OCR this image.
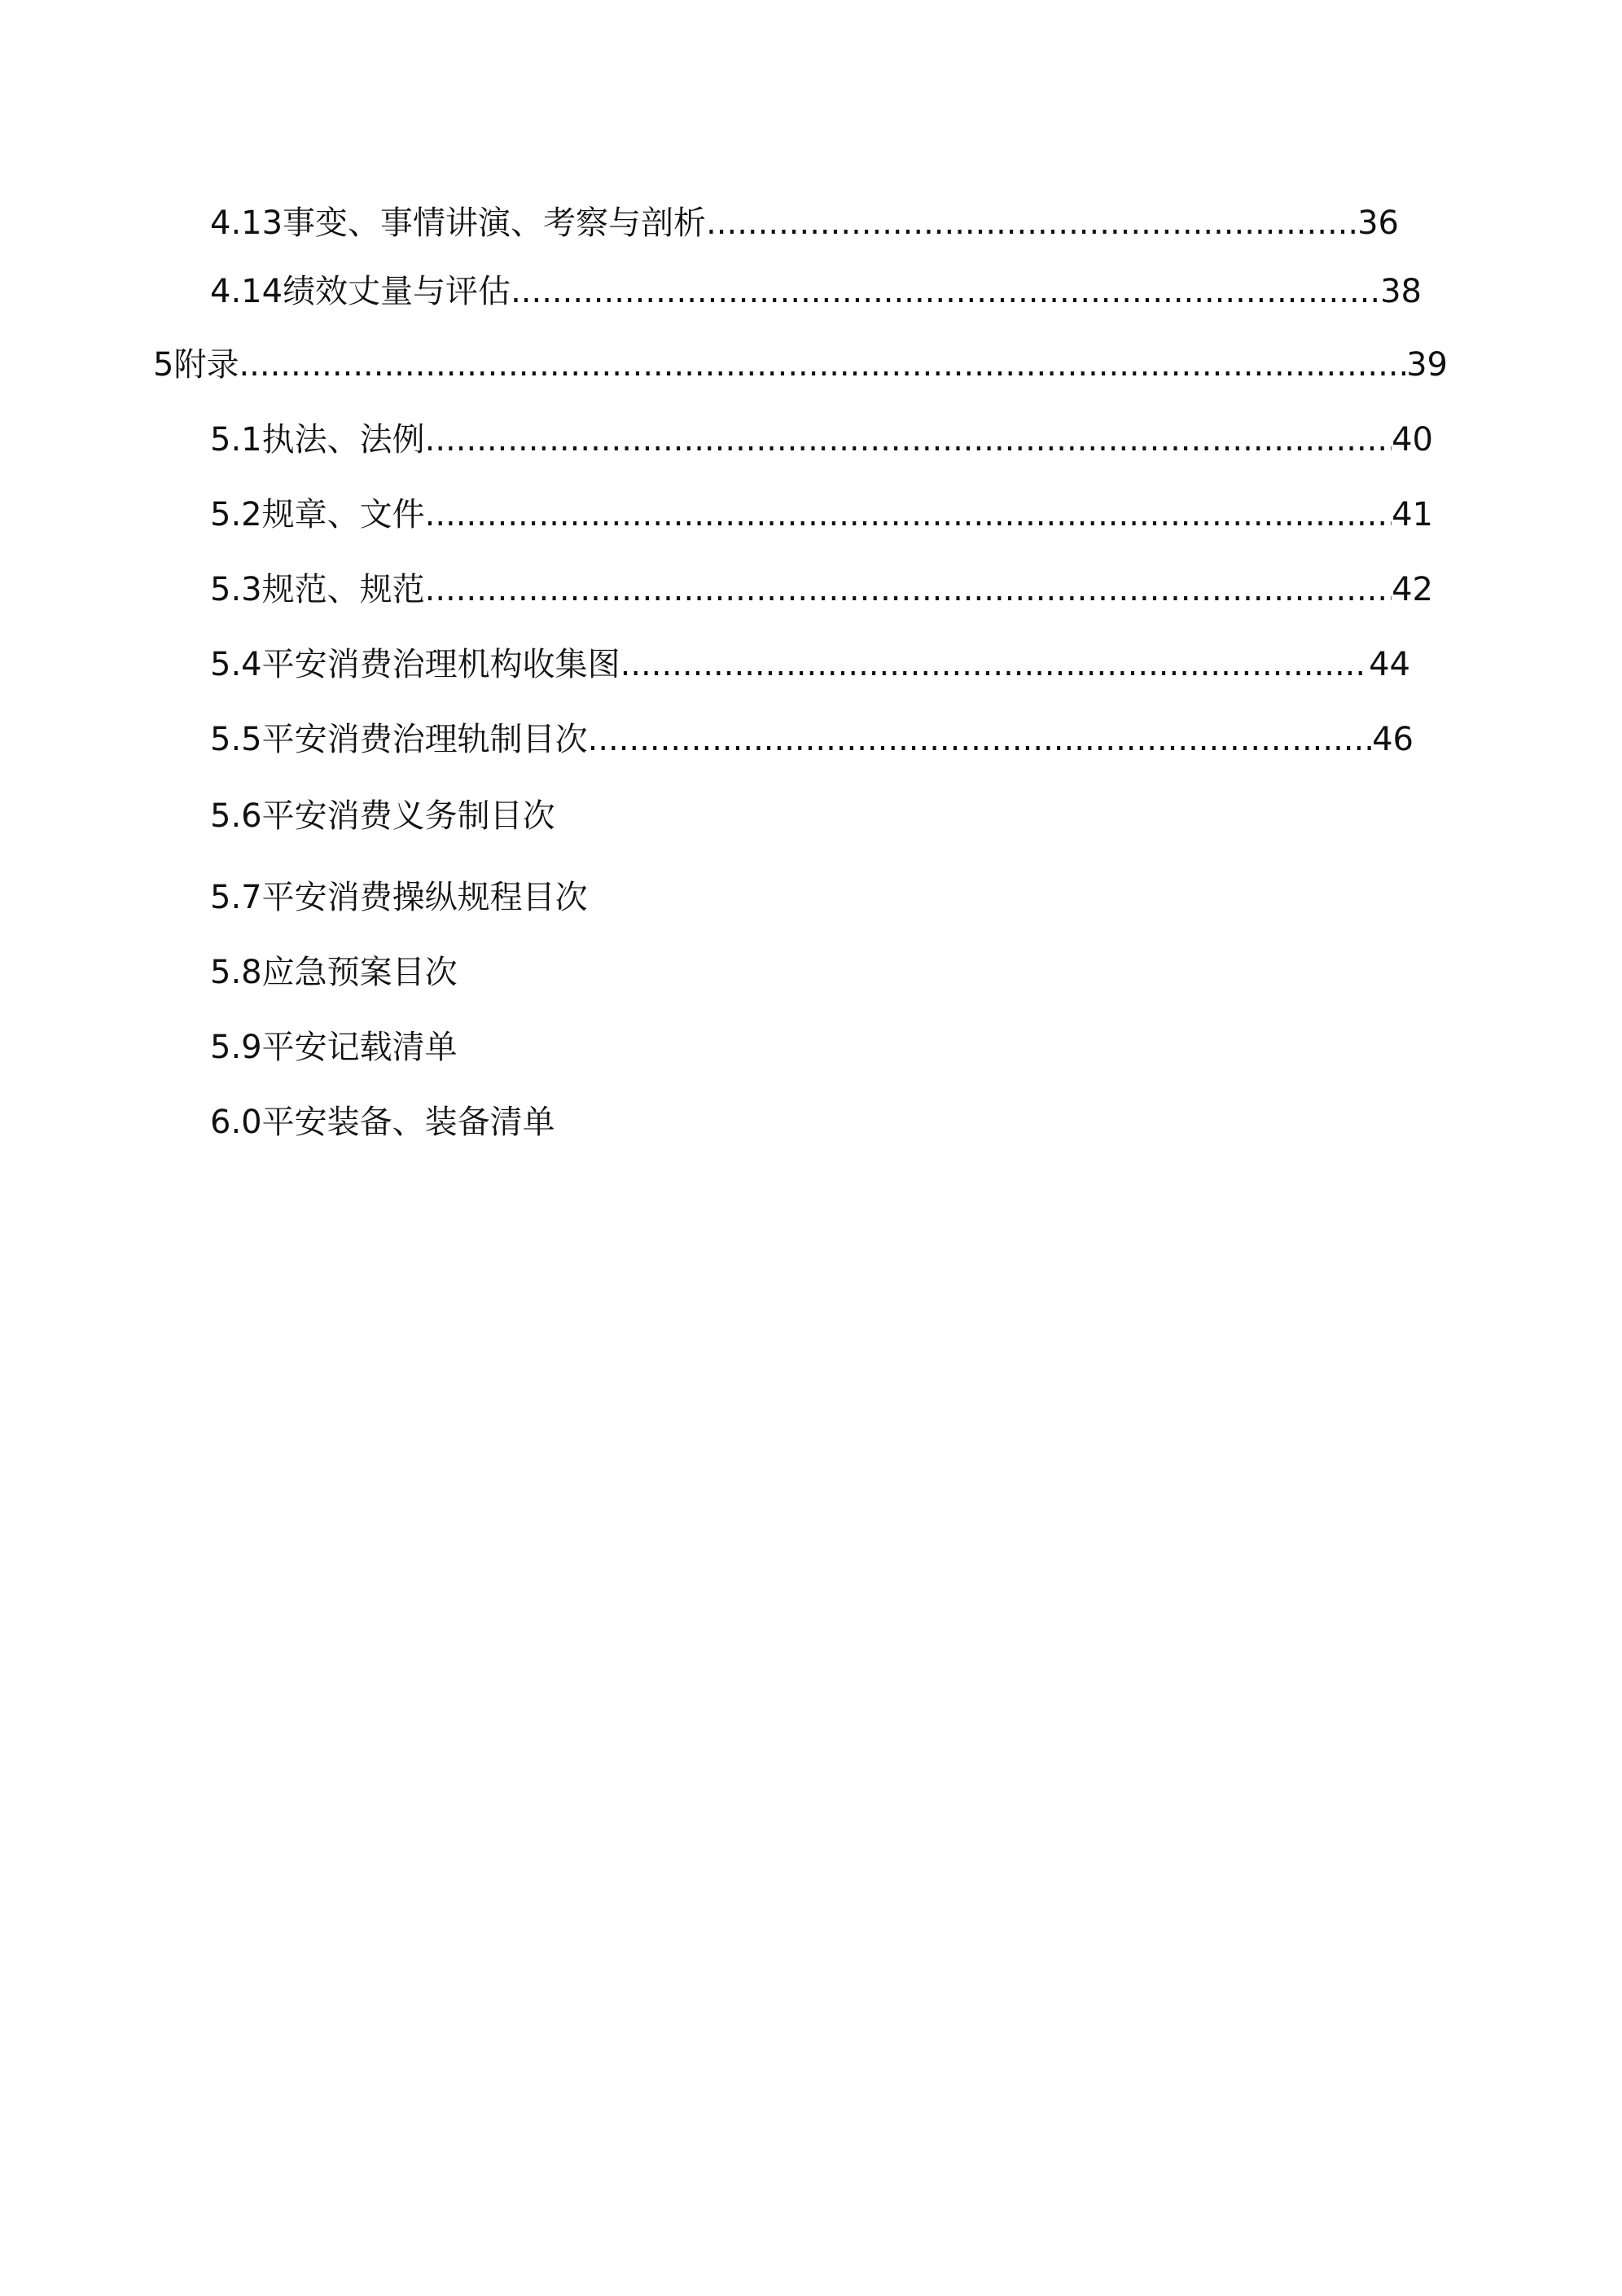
4.13事变、事情讲演、考察与剖析 .....	36
4.14绩效丈量与评估 .....	38
5附录 .....	39
5.1执法、法例 .....	40
5.2规章、文件 .....	41
5.3规范、规范 .....	42
5.4平安消费治理机构收集图 .....	44
5.5平安消费治理轨制目次 .....	46
5.6平安消费义务制目次
5.7平安消费操纵规程目次
5.8应急预案目次
5.9平安记载清单
6.0平安装备、装备清单
